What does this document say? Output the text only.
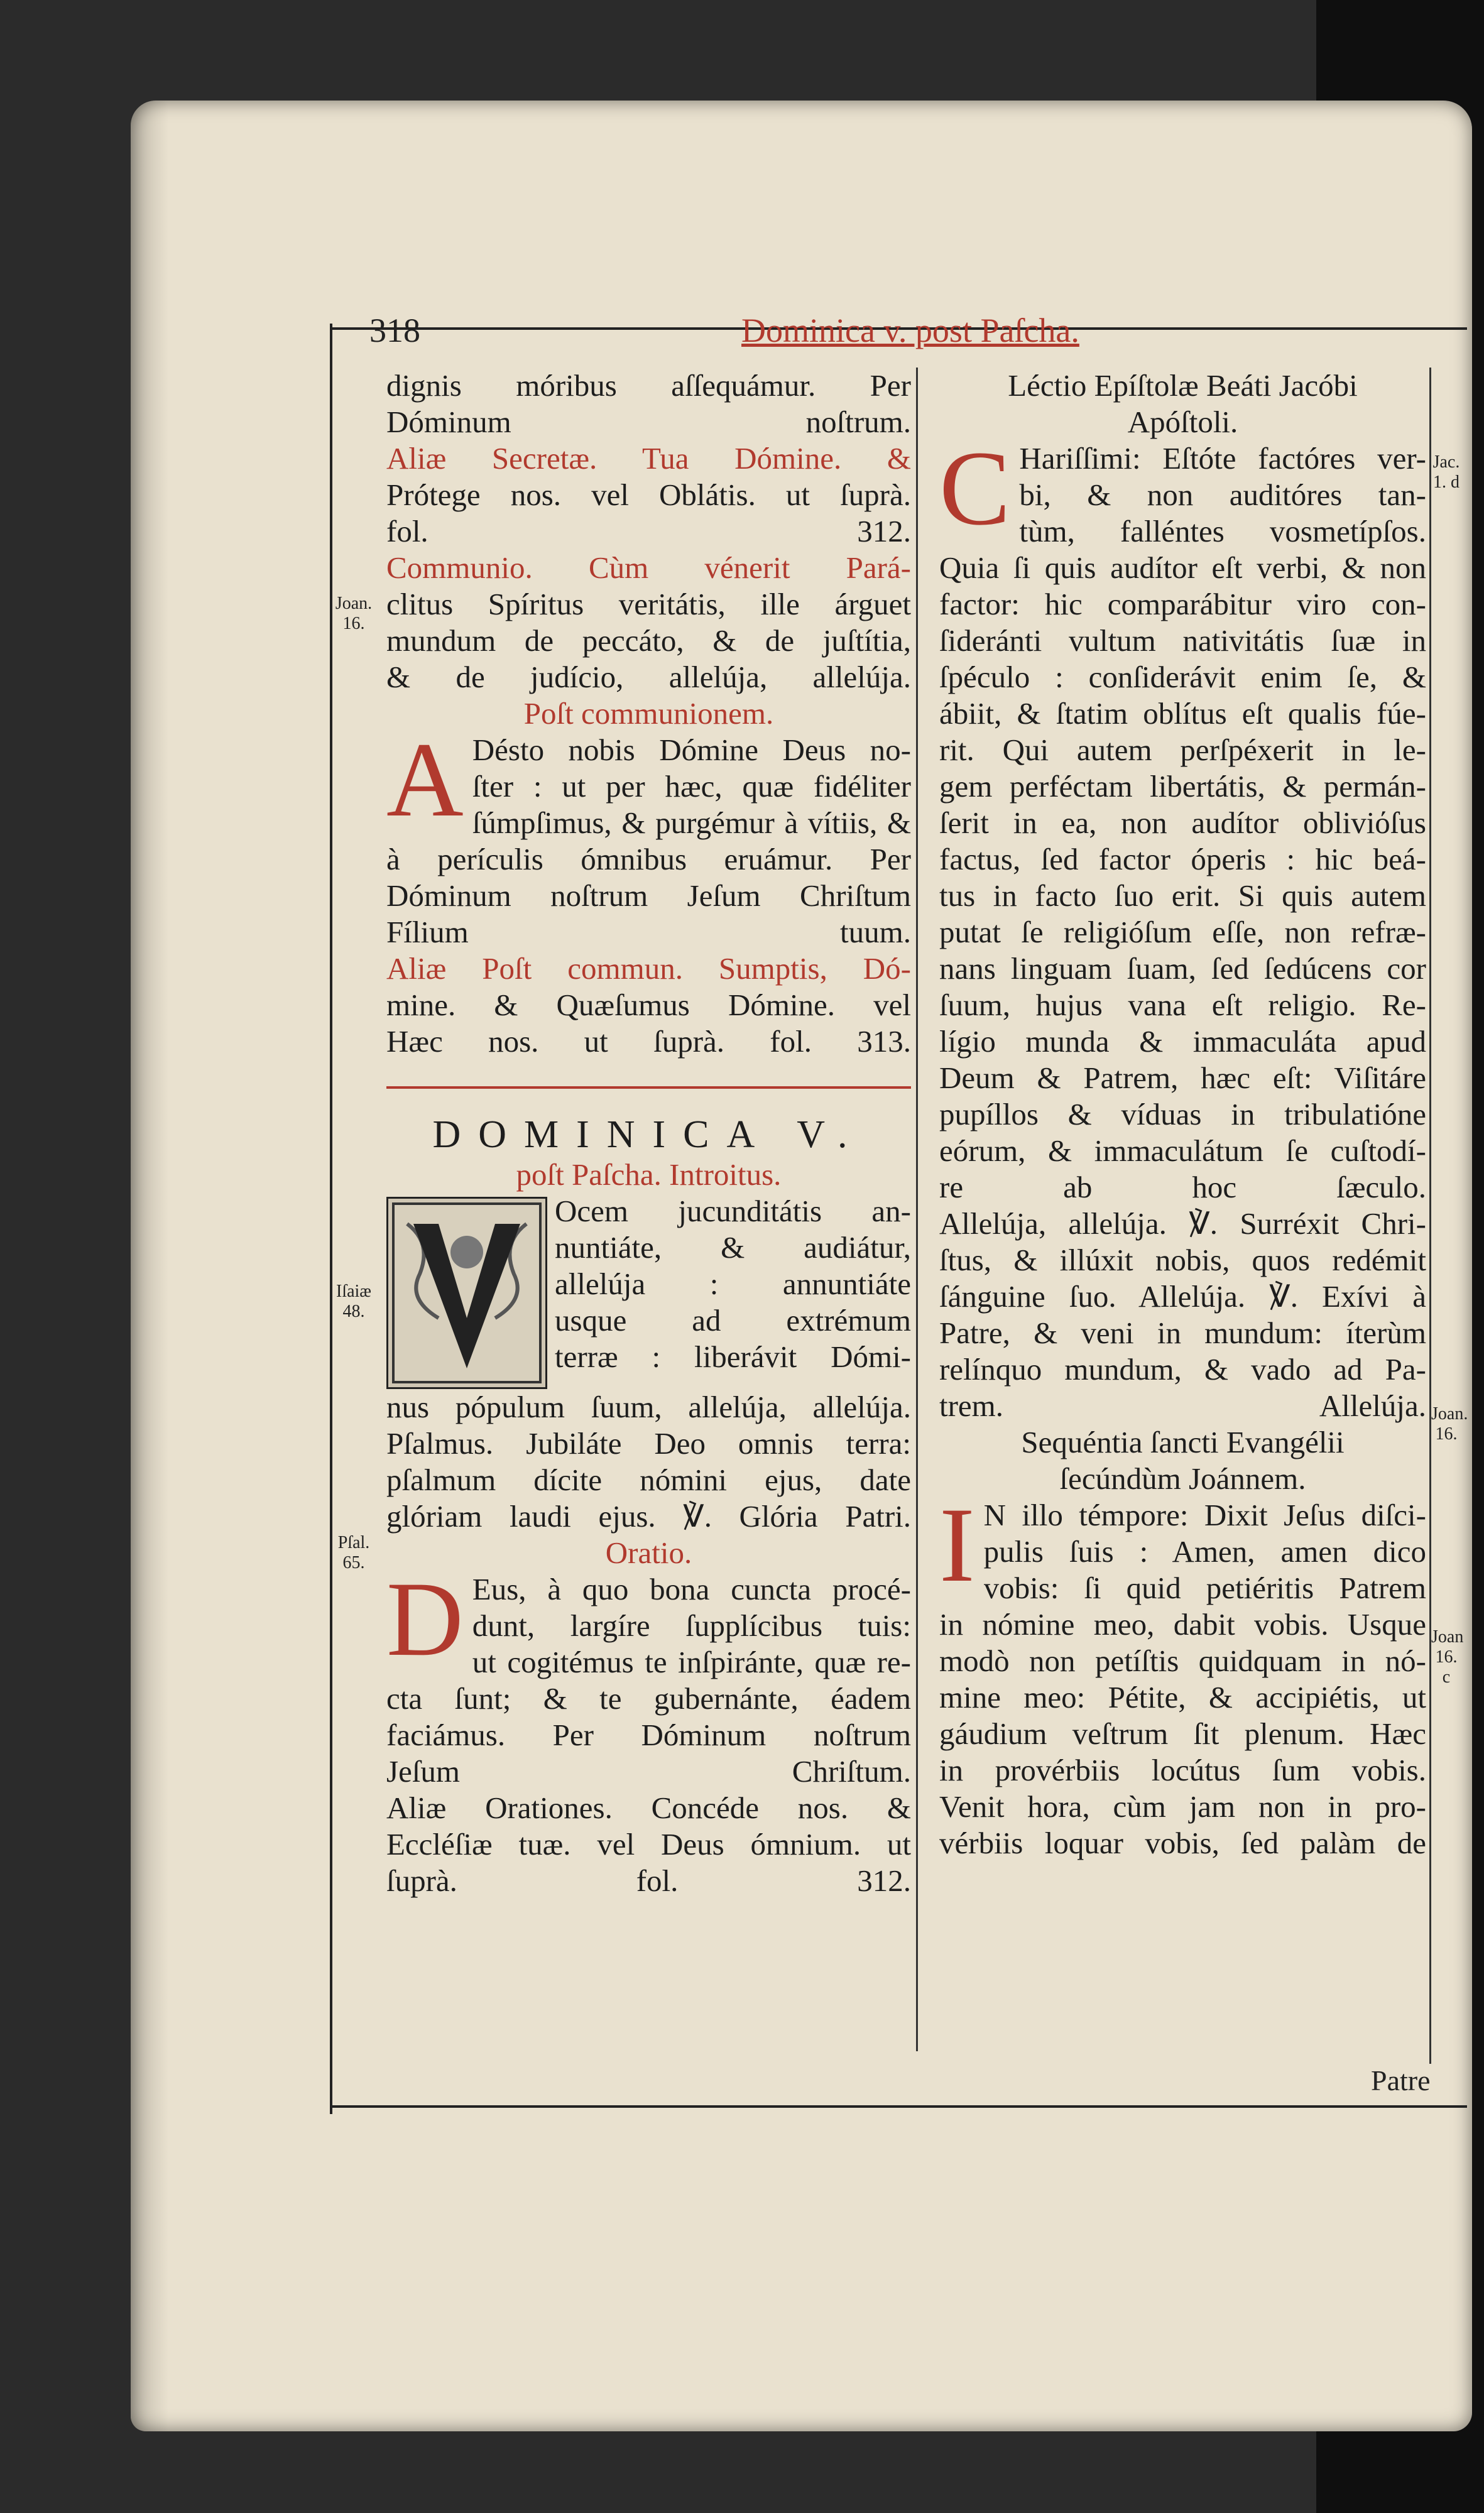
318	Dominica v. post Paſcha.
Joan. 16.
Iſaiæ 48.
Pſal. 65.
Jac. 1. d
Joan. 16.
Joan 16. c
dignis móribus aſſequámur. Per
Dóminum noſtrum.
Aliæ Secretæ. Tua Dómine. &
Prótege nos. vel Oblátis. ut ſuprà.
fol. 312.
Communio. Cùm vénerit Pará-
clitus Spíritus veritátis, ille árguet
mundum de peccáto, & de juſtítia,
& de judício, allelúja, allelúja.
Poſt communionem.
A Désto nobis Dómine Deus no-
ſter : ut per hæc, quæ fidéliter
ſúmpſimus, & purgémur à vítiis, &
à perículis ómnibus eruámur. Per
Dóminum noſtrum Jeſum Chriſtum
Fílium tuum.
Aliæ Poſt commun. Sumptis, Dó-
mine. & Quæſumus Dómine. vel
Hæc nos. ut ſuprà. fol. 313.
DOMINICA V.
poſt Paſcha. Introitus.
Ocem jucunditátis an-
nuntiáte, & audiátur,
allelúja : annuntiáte
usque ad extrémum
terræ : liberávit Dómi-
nus pópulum ſuum, allelúja, allelúja.
Pſalmus. Jubiláte Deo omnis terra:
pſalmum dícite nómini ejus, date
glóriam laudi ejus. ℣. Glória Patri.
Oratio.
D Eus, à quo bona cuncta procé-
dunt, largíre ſupplícibus tuis:
ut cogitémus te inſpiránte, quæ re-
cta ſunt; & te gubernánte, éadem
faciámus. Per Dóminum noſtrum
Jeſum Chriſtum.
Aliæ Orationes. Concéde nos. &
Eccléſiæ tuæ. vel Deus ómnium. ut
ſuprà. fol. 312.
Léctio Epíſtolæ Beáti Jacóbi
Apóſtoli.
C Hariſſimi: Eſtóte factóres ver-
bi, & non auditóres tan-
tùm, falléntes vosmetípſos.
Quia ſi quis audítor eſt verbi, & non
factor: hic comparábitur viro con-
ſideránti vultum nativitátis ſuæ in
ſpéculo : conſiderávit enim ſe, &
ábiit, & ſtatim oblítus eſt qualis fúe-
rit. Qui autem perſpéxerit in le-
gem perféctam libertátis, & permán-
ſerit in ea, non audítor obliviόſus
factus, ſed factor óperis : hic beá-
tus in facto ſuo erit. Si quis autem
putat ſe religióſum eſſe, non refræ-
nans linguam ſuam, ſed ſedúcens cor
ſuum, hujus vana eſt religio. Re-
lígio munda & immaculáta apud
Deum & Patrem, hæc eſt: Viſitáre
pupíllos & víduas in tribulatióne
eórum, & immaculátum ſe cuſtodí-
re ab hoc ſæculo.
Allelúja, allelúja. ℣. Surréxit Chri-
ſtus, & illúxit nobis, quos redémit
ſánguine ſuo. Allelúja. ℣. Exívi à
Patre, & veni in mundum: íterùm
relínquo mundum, & vado ad Pa-
trem. Allelúja.
Sequéntia ſancti Evangélii
ſecúndùm Joánnem.
I N illo témpore: Dixit Jeſus diſci-
pulis ſuis : Amen, amen dico
vobis: ſi quid petiéritis Patrem
in nómine meo, dabit vobis. Usque
modò non petíſtis quidquam in nó-
mine meo: Pétite, & accipiétis, ut
gáudium veſtrum ſit plenum. Hæc
in provérbiis locútus ſum vobis.
Venit hora, cùm jam non in pro-
vérbiis loquar vobis, ſed palàm de
Patre
